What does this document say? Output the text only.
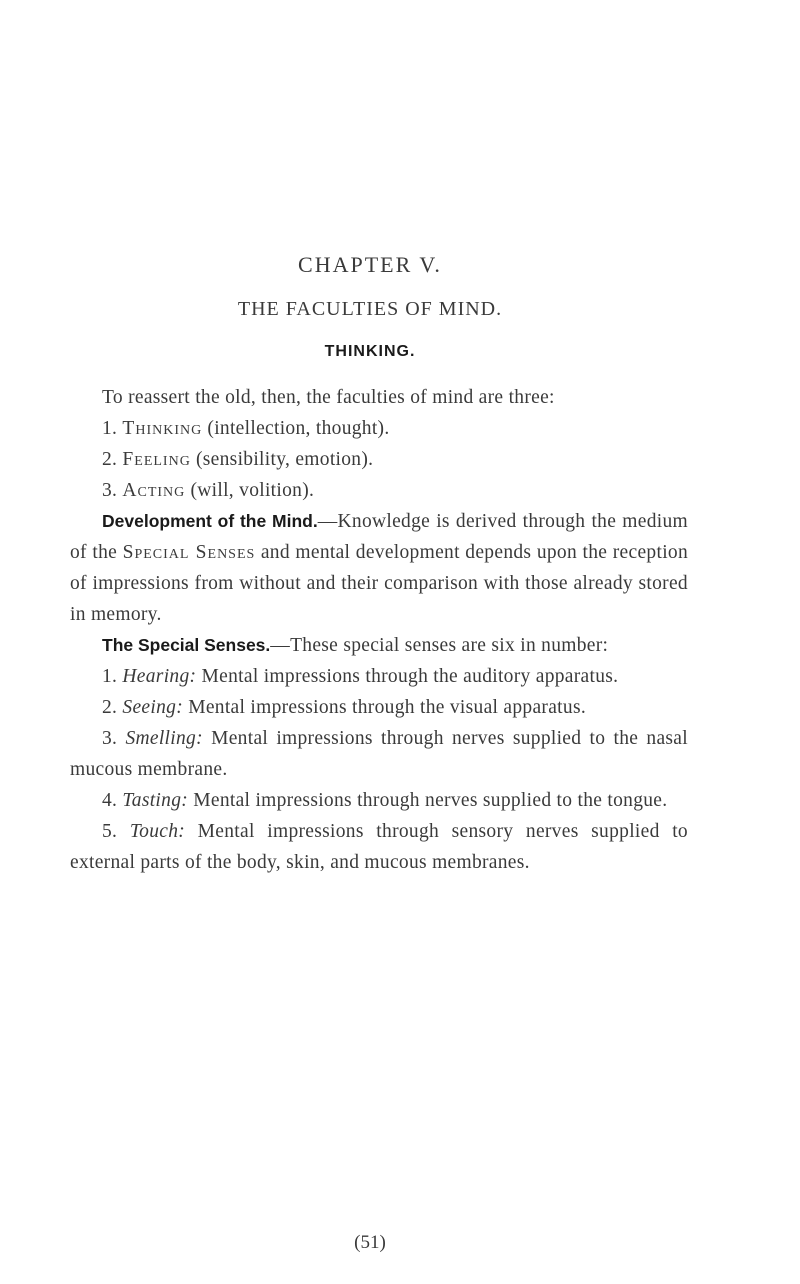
CHAPTER V.
THE FACULTIES OF MIND.
THINKING.

To reassert the old, then, the faculties of mind are three:

1. Thinking (intellection, thought).

2. Feeling (sensibility, emotion).

3. Acting (will, volition).

Development of the Mind.—Knowledge is derived through the medium of the Special Senses and mental development depends upon the reception of impressions from without and their comparison with those already stored in memory.

The Special Senses.—These special senses are six in number:

1. Hearing: Mental impressions through the auditory apparatus.

2. Seeing: Mental impressions through the visual apparatus.

3. Smelling: Mental impressions through nerves supplied to the nasal mucous membrane.

4. Tasting: Mental impressions through nerves supplied to the tongue.

5. Touch: Mental impressions through sensory nerves supplied to external parts of the body, skin, and mucous membranes.

(51)
